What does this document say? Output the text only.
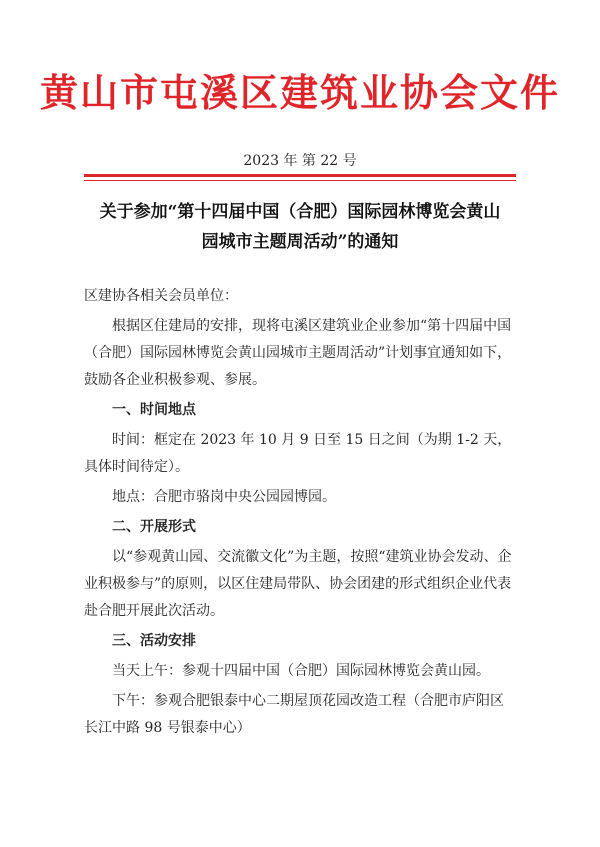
黄山市屯溪区建筑业协会文件
2023 年 第 22 号
关于参加“第十四届中国（合肥）国际园林博览会黄山
园城市主题周活动”的通知

区建协各相关会员单位：

根据区住建局的安排，现将屯溪区建筑业企业参加“第十四届中国（合肥）国际园林博览会黄山园城市主题周活动”计划事宜通知如下，鼓励各企业积极参观、参展。

一、时间地点

时间：框定在 2023 年 10 月 9 日至 15 日之间（为期 1-2 天，具体时间待定）。

地点：合肥市骆岗中央公园园博园。

二、开展形式

以“参观黄山园、交流徽文化”为主题，按照“建筑业协会发动、企业积极参与”的原则，以区住建局带队、协会团建的形式组织企业代表赴合肥开展此次活动。

三、活动安排

当天上午：参观十四届中国（合肥）国际园林博览会黄山园。

下午：参观合肥银泰中心二期屋顶花园改造工程（合肥市庐阳区长江中路 98 号银泰中心）
